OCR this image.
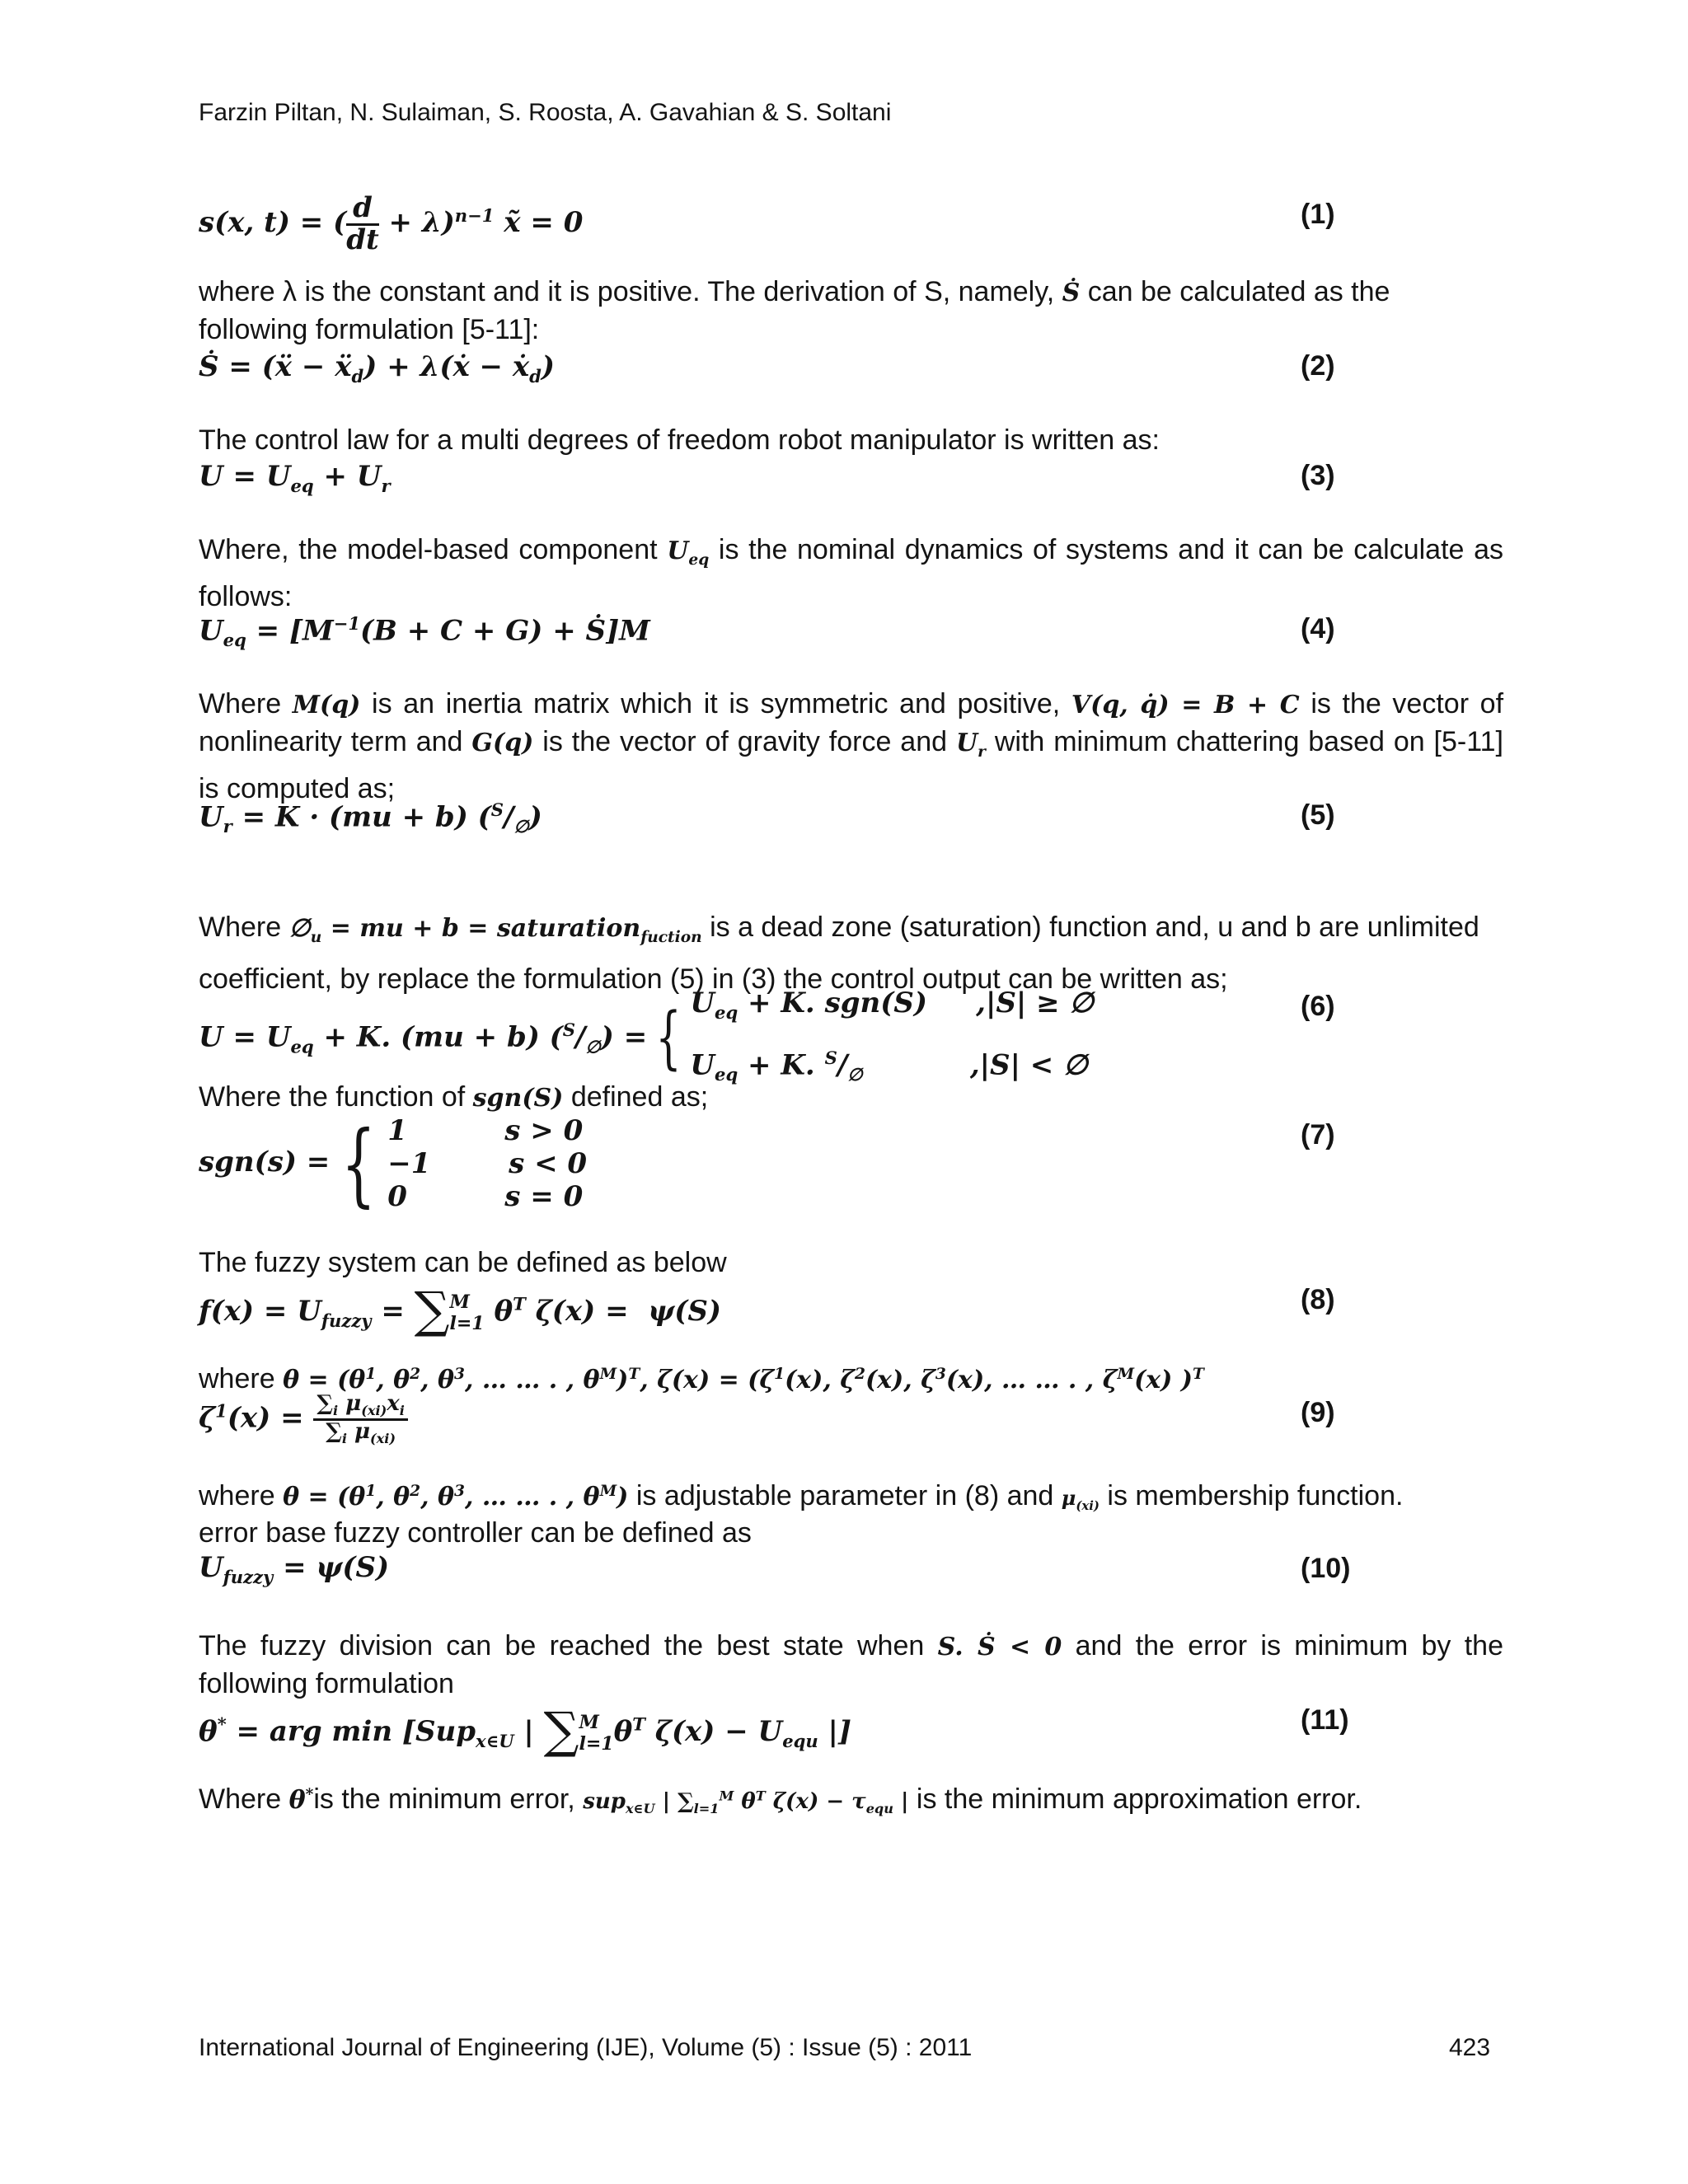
Farzin Piltan, N. Sulaiman, S. Roosta, A. Gavahian & S. Soltani
s(x, t) = ( $\frac{d}{dt} + \lambda)^{n-1}$ x̃ = 0	(1)
where λ is the constant and it is positive. The derivation of S, namely, Ṡ can be calculated as the following formulation [5-11]:
Ṡ = (ẍ − ẍ$_d$) + λ(ẋ − ẋ$_d$)	(2)
The control law for a multi degrees of freedom robot manipulator is written as:
$U = U_{eq} + U_r$	(3)
Where, the model-based component $U_{eq}$ is the nominal dynamics of systems and it can be calculate as follows:
$U_{eq} = [M^{-1}(B + C + G)$ + Ṡ]M	(4)
Where M(q) is an inertia matrix which it is symmetric and positive, V(q, q̇) = B + C is the vector of nonlinearity term and G(q) is the vector of gravity force and $U_r$ with minimum chattering based on [5-11] is computed as;
$U_r = K \cdot (mu + b)$ $(^S/_\emptyset)$	(5)
Where $\emptyset_u$ = mu + b = saturation$_{fuction}$ is a dead zone (saturation) function and, u and b are unlimited coefficient, by replace the formulation (5) in (3) the control output can be written as;
$U = U_{eq} + K$. (mu + b) $(^S/_\emptyset)$ = { $U_{eq} + K$. sgn(S)     ,|S| ≥ ∅
$U_{eq} + K$. $^S/_\emptyset$           ,|S| < ∅
(6)
Where the function of sgn(S) defined as;
sgn(s) = { 1          s > 0
−1        s < 0
0          s = 0
(7)
The fuzzy system can be defined as below
$f(x) = U_{fuzzy}$ = ∑ M
l=1 $\theta^T$ ζ(x) =  ψ(S)	(8)
where $\theta = (\theta^1$, $\theta^2$, $\theta^3$, … … . , $\theta^M)^T$, $\zeta(x) = (\zeta^1(x)$, $\zeta^2(x)$, $\zeta^3(x)$, … … . , $\zeta^M(x)$ )$^T$
$\zeta^1(x) = \frac{\sum_i \mu_{(xi)}x_i}{\sum_i \mu_{(xi)}}$	(9)
where $\theta = (\theta^1$, $\theta^2$, $\theta^3$, … … . , $\theta^M$) is adjustable parameter in (8) and $\mu_{(xi)}$ is membership function.
error base fuzzy controller can be defined as
$U_{fuzzy} = \psi(S)$	(10)
The fuzzy division can be reached the best state when S. Ṡ < 0 and the error is minimum by the following formulation
θ* = arg min [Sup$_{x\in U}$ | ∑ M
l=1 $\theta^T$ $\zeta(x) - U_{equ}$ |]	(11)
Where θ*is the minimum error, sup$_{x\in U}$ | $\sum_{l=1}^M$ $\theta^T$ $\zeta(x) - \tau_{equ}$ | is the minimum approximation error.
International Journal of Engineering (IJE), Volume (5) : Issue (5) : 2011	423
